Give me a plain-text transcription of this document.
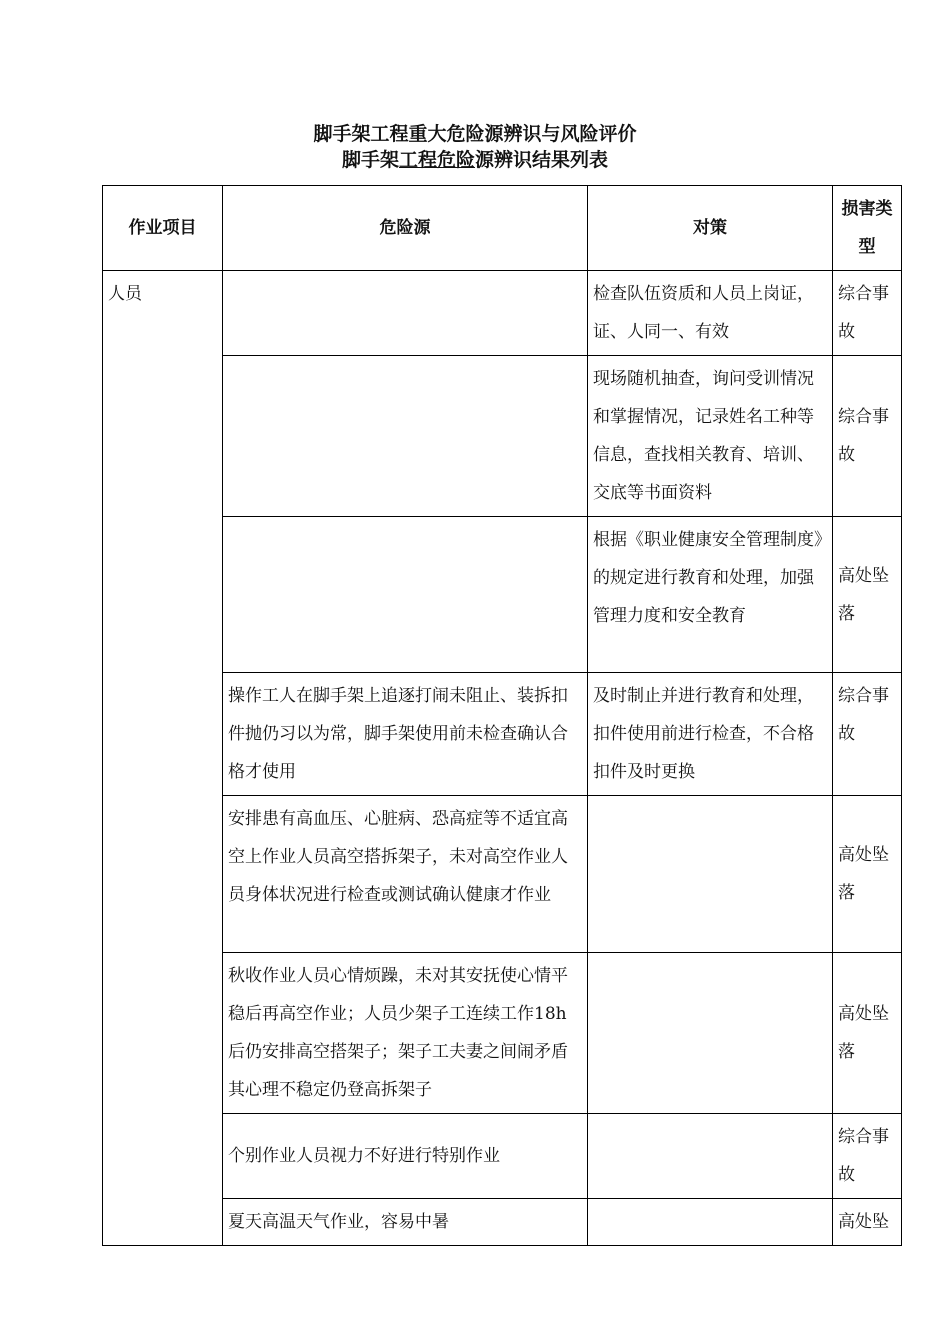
脚手架工程重大危险源辨识与风险评价
脚手架工程危险源辨识结果列表
作业项目	危险源	对策	损害类型
人员		检查队伍资质和人员上岗证，证、人同一、有效	综合事故
		现场随机抽查，询问受训情况和掌握情况，记录姓名工种等信息，查找相关教育、培训、交底等书面资料	综合事故
		根据《职业健康安全管理制度》的规定进行教育和处理，加强管理力度和安全教育	高处坠落
	操作工人在脚手架上追逐打闹未阻止、装拆扣件抛仍习以为常，脚手架使用前未检查确认合格才使用	及时制止并进行教育和处理，扣件使用前进行检查，不合格扣件及时更换	综合事故
	安排患有高血压、心脏病、恐高症等不适宜高空上作业人员高空搭拆架子，未对高空作业人员身体状况进行检查或测试确认健康才作业		高处坠落
	秋收作业人员心情烦躁，未对其安抚使心情平稳后再高空作业；人员少架子工连续工作18h后仍安排高空搭架子；架子工夫妻之间闹矛盾其心理不稳定仍登高拆架子		高处坠落
	个别作业人员视力不好进行特别作业		综合事故
	夏天高温天气作业，容易中暑		高处坠
